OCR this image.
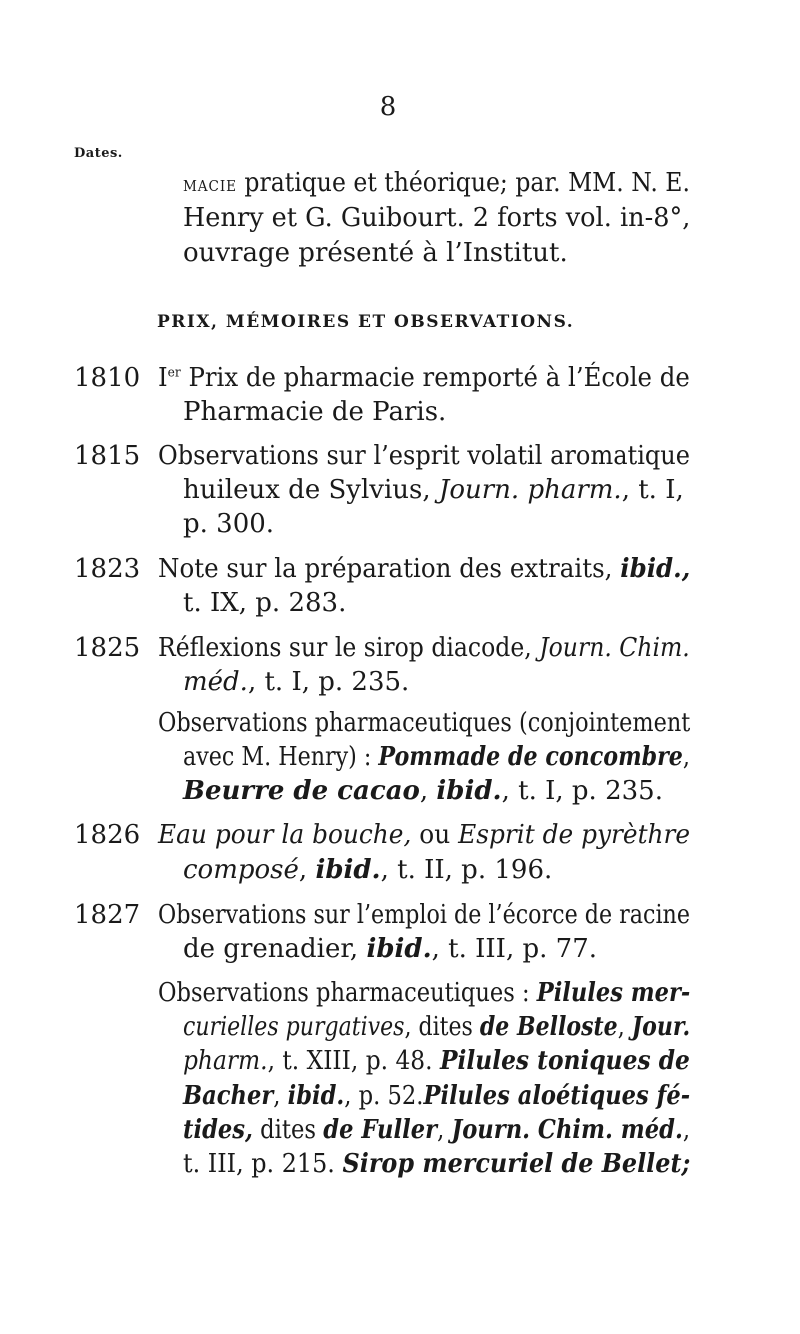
8
Dates.
macie pratique et théorique; par. MM. N. E.
Henry et G. Guibourt. 2 forts vol. in-8°,
ouvrage présenté à l’Institut.
PRIX, MÉMOIRES ET OBSERVATIONS.
1810 Ier Prix de pharmacie remporté à l’École de
Pharmacie de Paris.
1815 Observations sur l’esprit volatil aromatique
huileux de Sylvius, Journ. pharm., t. I,
p. 300.
1823 Note sur la préparation des extraits, ibid.,
t. IX, p. 283.
1825 Réflexions sur le sirop diacode, Journ. Chim.
méd., t. I, p. 235.
Observations pharmaceutiques (conjointement
avec M. Henry) : Pommade de concombre,
Beurre de cacao, ibid., t. I, p. 235.
1826 Eau pour la bouche, ou Esprit de pyrèthre
composé, ibid., t. II, p. 196.
1827 Observations sur l’emploi de l’écorce de racine
de grenadier, ibid., t. III, p. 77.
Observations pharmaceutiques : Pilules mer-
curielles purgatives, dites de Belloste, Jour.
pharm., t. XIII, p. 48. Pilules toniques de
Bacher, ibid., p. 52.Pilules aloétiques fé-
tides, dites de Fuller, Journ. Chim. méd.,
t. III, p. 215. Sirop mercuriel de Bellet;
